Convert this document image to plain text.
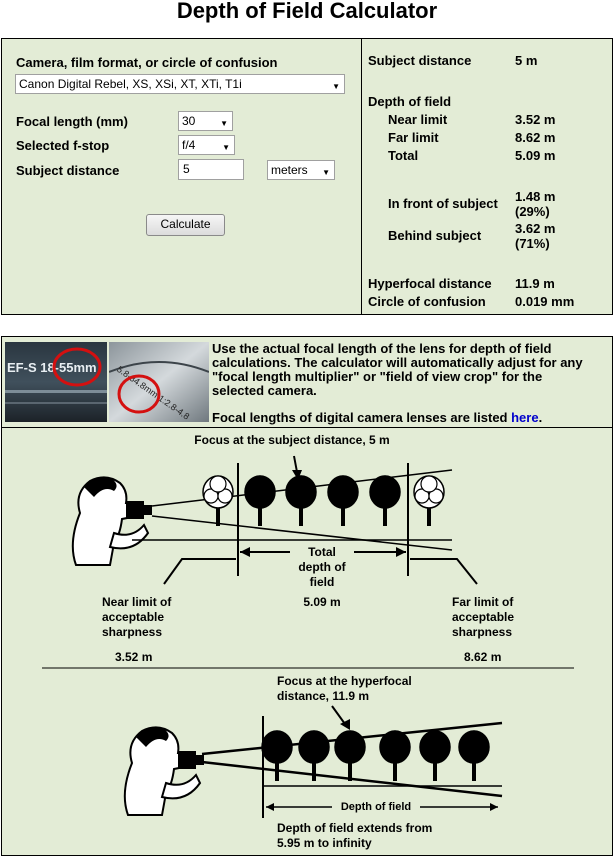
Depth of Field Calculator
Camera, film format, or circle of confusion
Canon Digital Rebel, XS, XSi, XT, XTi, T1i	▼
Focal length (mm)	30	▼
Selected f-stop	f/4	▼
Subject distance	5	meters ▼
Calculate
Subject distance	5 m
Depth of field
Near limit	3.52 m
Far limit	8.62 m
Total	5.09 m
In front of subject 1.48 m
(29%)
Behind subject	3.62 m
(71%)
Hyperfocal distance 11.9 m
Circle of confusion 0.019 mm
EF-S 18-55mm 5.8-34.8mm 1:2.8-4.8
Use the actual focal length of the lens for depth of field
calculations. The calculator will automatically adjust for any
"focal length multiplier" or "field of view crop" for the
selected camera.
Focal lengths of digital camera lenses are listed here.
Focus at the subject distance, 5 m
Total
depth of
field
5.09 m
Near limit of
acceptable
sharpness
3.52 m
Far limit of
acceptable
sharpness
8.62 m
Focus at the hyperfocal
distance, 11.9 m
Depth of field
Depth of field extends from
5.95 m to infinity
